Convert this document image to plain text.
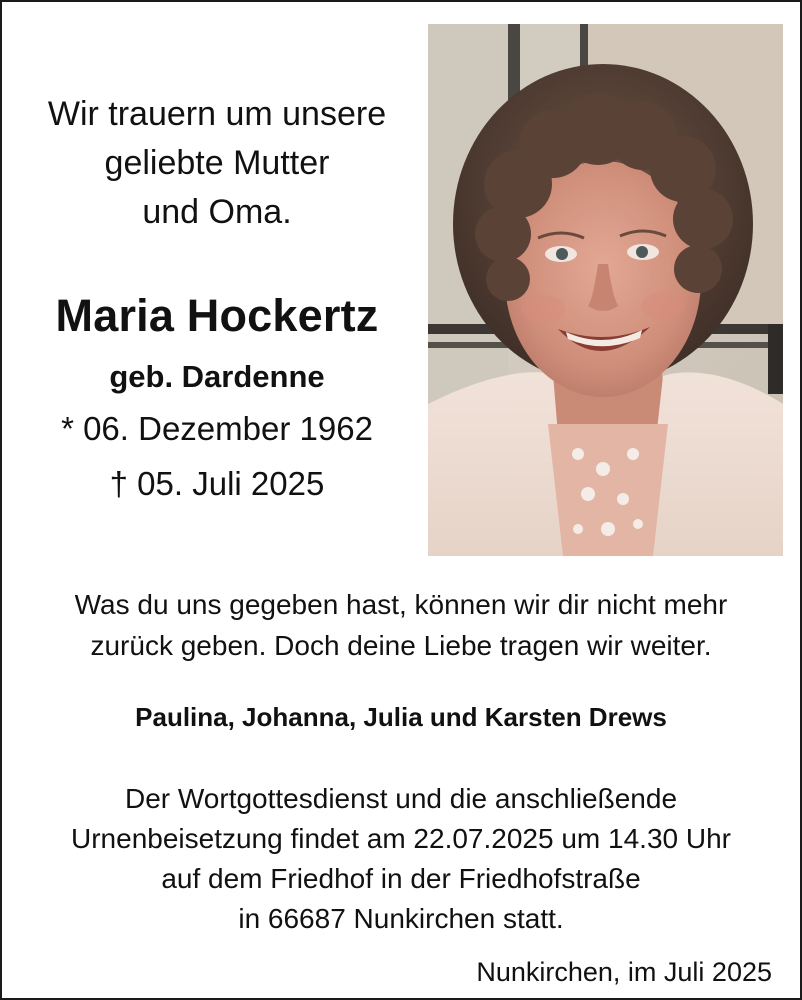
Wir trauern um unsere
geliebte Mutter
und Oma.
Maria Hockertz
geb. Dardenne
* 06. Dezember 1962
† 05. Juli 2025
Was du uns gegeben hast, können wir dir nicht mehr
zurück geben. Doch deine Liebe tragen wir weiter.
Paulina, Johanna, Julia und Karsten Drews
Der Wortgottesdienst und die anschließende
Urnenbeisetzung findet am 22.07.2025 um 14.30 Uhr
auf dem Friedhof in der Friedhofstraße
in 66687 Nunkirchen statt.
Nunkirchen, im Juli 2025
